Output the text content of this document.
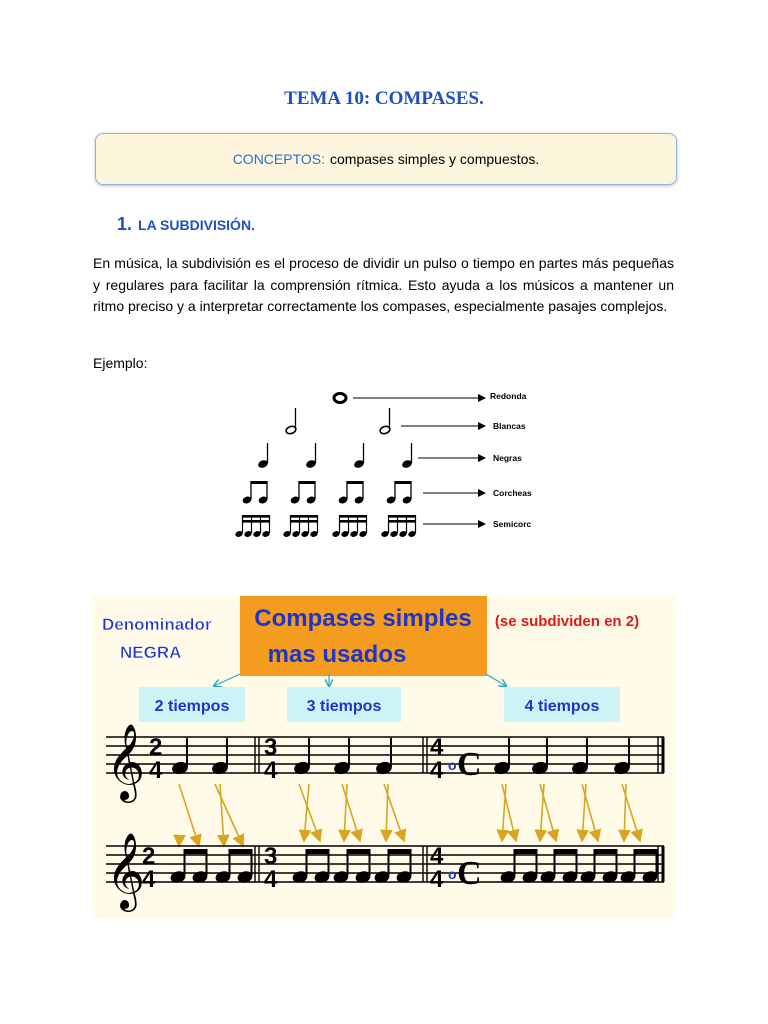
TEMA 10: COMPASES.
CONCEPTOS: compases simples y compuestos.
1. LA SUBDIVISIÓN.
En música, la subdivisión es el proceso de dividir un pulso o tiempo en partes más pequeñas y regulares para facilitar la comprensión rítmica. Esto ayuda a los músicos a mantener un ritmo preciso y a interpretar correctamente los compases, especialmente pasajes complejos.
Ejemplo:
Redonda
Blancas
Negras
Corcheas
Semicorc
Denominador
NEGRA
Compases simples
mas usados
(se subdividen en 2)
2 tiempos	3 tiempos	4 tiempos
𝄞 2
4
3
4
4
4 o C
𝄞
2
4
3
4
4
4 o C
